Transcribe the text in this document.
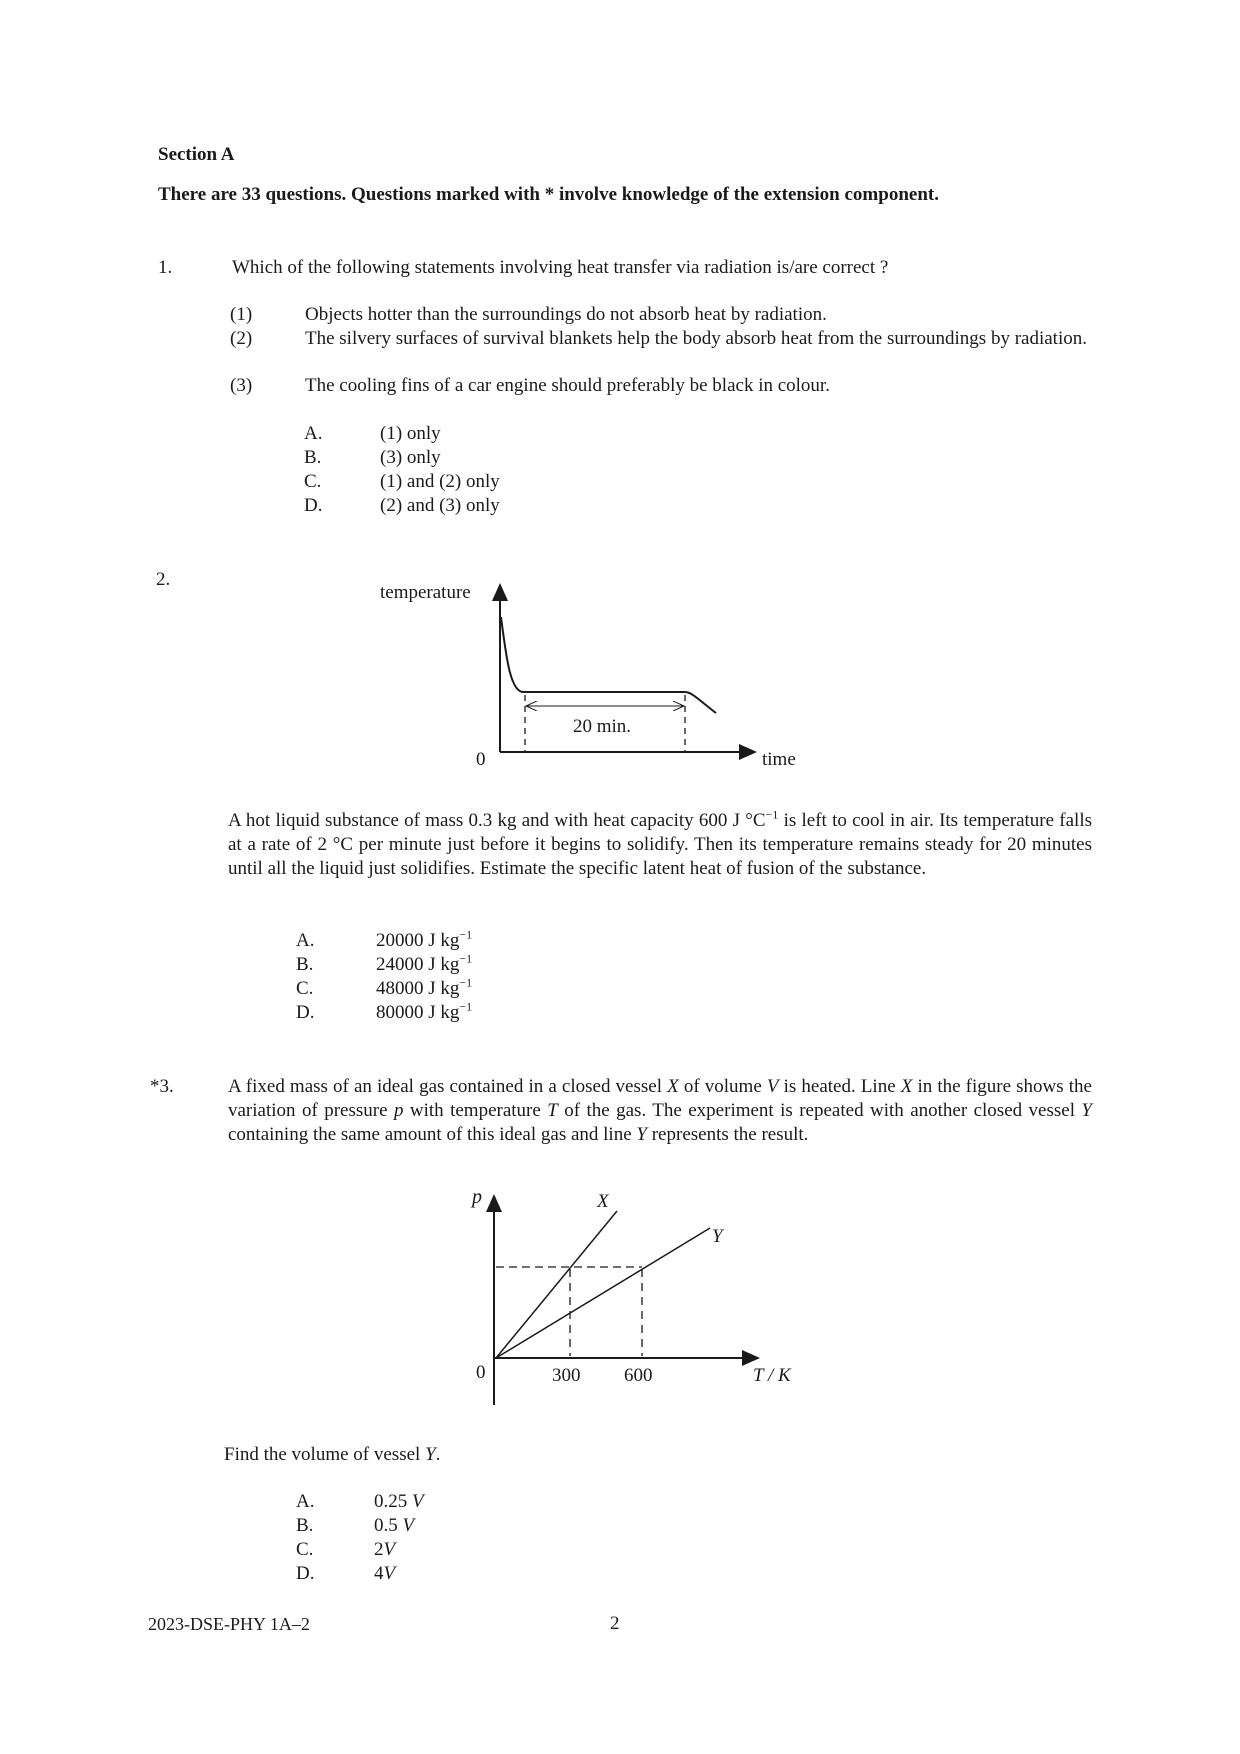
Section A
There are 33 questions. Questions marked with * involve knowledge of the extension component.
1.	Which of the following statements involving heat transfer via radiation is/are correct ?
(1)	Objects hotter than the surroundings do not absorb heat by radiation.
(2)	The silvery surfaces of survival blankets help the body absorb heat from the surroundings by radiation.
(3)	The cooling fins of a car engine should preferably be black in colour.
A.	(1) only
B.	(3) only
C.	(1) and (2) only
D.	(2) and (3) only
2.
temperature
0	time
20 min.
A hot liquid substance of mass 0.3 kg and with heat capacity 600 J $^\circ C^{-1}$ is left to cool in air. Its temperature falls at a rate of 2 °C per minute just before it begins to solidify. Then its temperature remains steady for 20 minutes until all the liquid just solidifies. Estimate the specific latent heat of fusion of the substance.
A.	20000 J $kg^{-1}$
B.	24000 J $kg^{-1}$
C.	48000 J $kg^{-1}$
D.	80000 J $kg^{-1}$
*3.	A fixed mass of an ideal gas contained in a closed vessel X of volume V is heated. Line X in the figure shows the variation of pressure p with temperature T of the gas. The experiment is repeated with another closed vessel Y containing the same amount of this ideal gas and line Y represents the result.
p
0
X
Y
300 600	T / K
Find the volume of vessel Y.
A.	0.25 V
B.	0.5 V
C.	2V
D.	4V
2023-DSE-PHY 1A–2	2
